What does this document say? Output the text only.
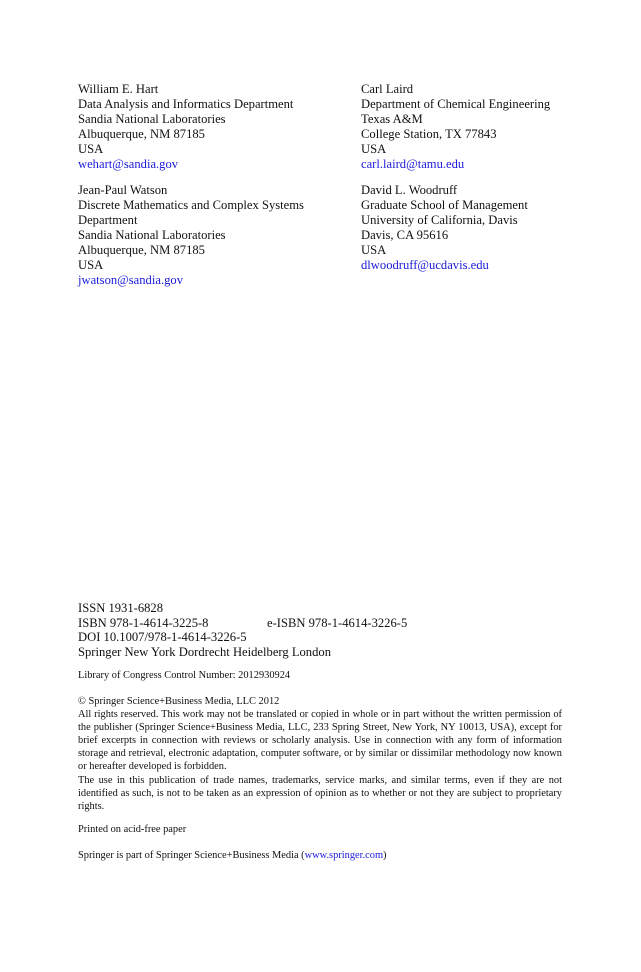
William E. Hart
Data Analysis and Informatics Department
Sandia National Laboratories
Albuquerque, NM 87185
USA
wehart@sandia.gov
Carl Laird
Department of Chemical Engineering
Texas A&M
College Station, TX 77843
USA
carl.laird@tamu.edu
Jean-Paul Watson
Discrete Mathematics and Complex Systems
Department
Sandia National Laboratories
Albuquerque, NM 87185
USA
jwatson@sandia.gov
David L. Woodruff
Graduate School of Management
University of California, Davis
Davis, CA 95616
USA
dlwoodruff@ucdavis.edu
ISSN 1931-6828
ISBN 978-1-4614-3225-8	e-ISBN 978-1-4614-3226-5
DOI 10.1007/978-1-4614-3226-5
Springer New York Dordrecht Heidelberg London
Library of Congress Control Number: 2012930924

© Springer Science+Business Media, LLC 2012

All rights reserved. This work may not be translated or copied in whole or in part without the written permission of the publisher (Springer Science+Business Media, LLC, 233 Spring Street, New York, NY 10013, USA), except for brief excerpts in connection with reviews or scholarly analysis. Use in connection with any form of information storage and retrieval, electronic adaptation, computer software, or by similar or dissimilar methodology now known or hereafter developed is forbidden.

The use in this publication of trade names, trademarks, service marks, and similar terms, even if they are not identified as such, is not to be taken as an expression of opinion as to whether or not they are subject to proprietary rights.

Printed on acid-free paper
Springer is part of Springer Science+Business Media (www.springer.com)
